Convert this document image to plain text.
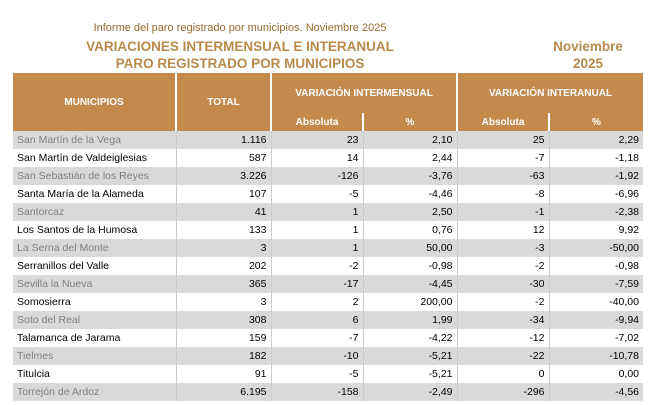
Informe del paro registrado por municipios. Noviembre 2025
VARIACIONES INTERMENSUAL E INTERANUAL
PARO REGISTRADO POR MUNICIPIOS
Noviembre
2025
MUNICIPIOS	TOTAL	VARIACIÓN INTERMENSUAL		VARIACIÓN INTERANUAL	
		Absoluta	%	Absoluta	%
San Martín de la Vega	1.116	23	2,10	25	2,29
San Martín de Valdeiglesias	587	14	2,44	-7	-1,18
San Sebastián de los Reyes	3.226	-126	-3,76	-63	-1,92
Santa María de la Alameda	107	-5	-4,46	-8	-6,96
Santorcaz	41	1	2,50	-1	-2,38
Los Santos de la Humosa	133	1	0,76	12	9,92
La Serna del Monte	3	1	50,00	-3	-50,00
Serranillos del Valle	202	-2	-0,98	-2	-0,98
Sevilla la Nueva	365	-17	-4,45	-30	-7,59
Somosierra	3	2	200,00	-2	-40,00
Soto del Real	308	6	1,99	-34	-9,94
Talamanca de Jarama	159	-7	-4,22	-12	-7,02
Tielmes	182	-10	-5,21	-22	-10,78
Titulcia	91	-5	-5,21	0	0,00
Torrejón de Ardoz	6.195	-158	-2,49	-296	-4,56
